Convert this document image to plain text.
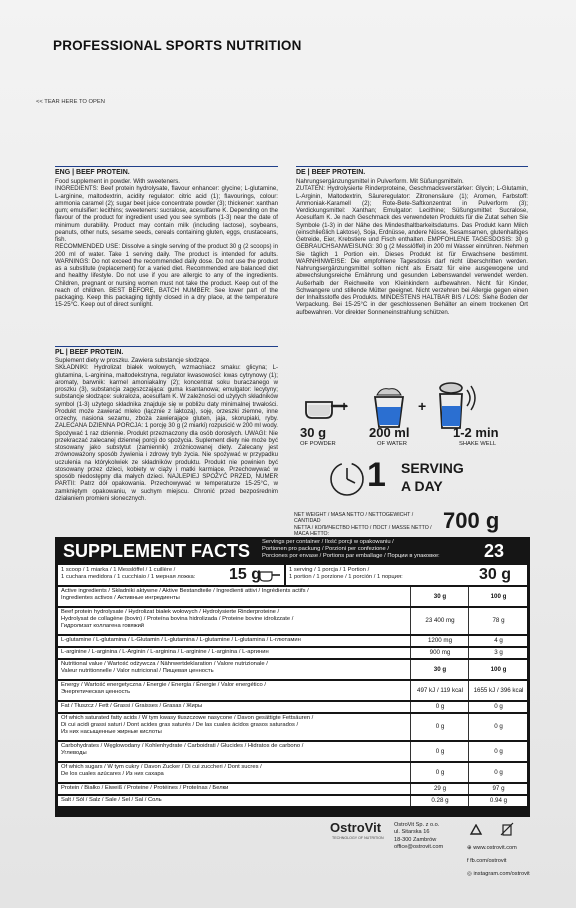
PROFESSIONAL SPORTS NUTRITION
<< TEAR HERE TO OPEN
ENG | BEEF PROTEIN.
Food supplement in powder. With sweeteners.
INGREDIENTS: Beef protein hydrolysate, flavour enhancer: glycine; L-glutamine, L-arginine, maltodextrin, acidity regulator: citric acid (1); flavourings, colour: ammonia caramel (2); sugar beet juice concentrate powder (3); thickener: xanthan gum; emulsifier: lecithins; sweeteners: sucralose, acesulfame K. Depending on the flavour of the product for ingredient used you see symbols (1-3) near the date of minimum durability. Product may contain milk (including lactose), soybeans, peanuts, other nuts, sesame seeds, cereals containing gluten, eggs, crustaceans, fish.
RECOMMENDED USE: Dissolve a single serving of the product 30 g (2 scoops) in 200 ml of water. Take 1 serving daily. The product is intended for adults. WARNINGS: Do not exceed the recommended daily dose. Do not use the product as a substitute (replacement) for a varied diet. Recommended are balanced diet and healthy lifestyle. Do not use if you are allergic to any of the ingredients. Children, pregnant or nursing women must not take the product. Keep out of the reach of children. BEST BEFORE, BATCH NUMBER: See lower part of the packaging. Keep this packaging tightly closed in a dry place, at the temperature 15-25°C. Keep out of direct sunlight.
PL | BEEF PROTEIN.
Suplement diety w proszku. Zawiera substancje słodzące.
SKŁADNIKI: Hydrolizat białek wołowych, wzmacniacz smaku: glicyna; L-glutamina, L-arginina, maltodekstryna, regulator kwasowości: kwas cytrynowy (1); aromaty, barwnik: karmel amoniakalny (2); koncentrat soku buraczanego w proszku (3), substancja zagęszczająca: guma ksantanowa; emulgator: lecytyny; substancje słodzące: sukraloza, acesulfam K. W zależności od użytych składników symbol (1-3) użytego składnika znajduje się w pobliżu daty minimalnej trwałości. Produkt może zawierać mleko (łącznie z laktozą), soję, orzeszki ziemne, inne orzechy, nasiona sezamu, zboża zawierające gluten, jaja, skorupiaki, ryby. ZALECANA DZIENNA PORCJA: 1 porcję 30 g (2 miarki) rozpuścić w 200 ml wody. Spożywać 1 raz dziennie. Produkt przeznaczony dla osób dorosłych. UWAGI: Nie przekraczać zalecanej dziennej porcji do spożycia. Suplement diety nie może być stosowany jako substytut (zamiennik) zróżnicowanej diety. Zalecany jest zrównoważony sposób żywienia i zdrowy tryb życia. Nie spożywać w przypadku uczulenia na którykolwiek ze składników produktu. Produkt nie powinien być stosowany przez dzieci, kobiety w ciąży i matki karmiące. Przechowywać w sposób niedostępny dla małych dzieci. NAJLEPIEJ SPOŻYĆ PRZED, NUMER PARTII: Patrz dół opakowania. Przechowywać w temperaturze 15-25°C, w zamkniętym opakowaniu, w suchym miejscu. Chronić przed bezpośrednim działaniem promieni słonecznych.
DE | BEEF PROTEIN.
Nahrungsergänzungsmittel in Pulverform. Mit Süßungsmitteln.
ZUTATEN: Hydrolysierte Rinderproteine, Geschmacksverstärker: Glycin; L-Glutamin, L-Arginin, Maltodextrin, Säureregulator: Zitronensäure (1); Aromen, Farbstoff: Ammoniak-Karamell (2); Rote-Bete-Saftkonzentrat in Pulverform (3); Verdickungsmittel: Xanthan; Emulgator: Lecithine; Süßungsmittel: Sucralose, Acesulfam K. Je nach Geschmack des verwendeten Produkts für die Zutat sehen Sie Symbole (1-3) in der Nähe des Mindesthaltbarkeitsdatums. Das Produkt kann Milch (einschließlich Laktose), Soja, Erdnüsse, andere Nüsse, Sesamsamen, glutenhaltiges Getreide, Eier, Krebstiere und Fisch enthalten. EMPFOHLENE TAGESDOSIS: 30 g GEBRAUCHSANWEISUNG: 30 g (2 Messlöffel) in 200 ml Wasser einrühren. Nehmen Sie täglich 1 Portion ein. Dieses Produkt ist für Erwachsene bestimmt. WARNHINWEISE: Die empfohlene Tagesdosis darf nicht überschritten werden. Nahrungsergänzungsmittel sollten nicht als Ersatz für eine ausgewogene und abwechslungsreiche Ernährung und gesunden Lebenswandel verwendet werden. Außerhalb der Reichweite von Kleinkindern aufbewahren. Nicht für Kinder, Schwangere und stillende Mütter geeignet. Nicht verzehren bei Allergie gegen einen der Inhaltsstoffe des Produkts. MINDESTENS HALTBAR BIS / LOS: Siehe Boden der Verpackung. Bei 15-25°C in der geschlossenen Behälter an einem trockenen Ort aufbewahren. Vor direkter Sonneneinstrahlung schützen.
+	+
30 g
OF POWDER
200 ml
OF WATER
1-2 min
SHAKE WELL
1 SERVING
A DAY
NET WEIGHT / MASA NETTO / NETTOGEWICHT / CANTIDAD
NETTA / КОЛИЧЕСТВО НЕТТО / ПОСТ / MASSE NETTO / MACA НЕТТО:
700 g
SUPPLEMENT FACTS Servings per container / Ilość porcji w opakowaniu /
Portionen pro packung / Porzioni per confezione /
Porciones por envase / Portions par emballage / Порции в упаковке:	23
1 scoop / 1 miarka / 1 Messlöffel / 1 cuillère /
1 cuchara medidora / 1 cucchiaio / 1 мерная ложка:	15 g	1 serving / 1 porcja / 1 Portion /
1 portion / 1 porzione / 1 porción / 1 порция:	30 g
Active ingredients / Składniki aktywne / Aktive Bestandteile / Ingredienti attivi / Ingrédients actifs /
Ingredientes activos / Активные ингредиенты	30 g	100 g
Beef protein hydrolysate / Hydrolizat białek wołowych / Hydrolysierte Rinderproteine /
Hydrolysat de collagène (bovin) / Proteína bovina hidrolizada / Proteine bovine idrolizzate /
Гидролизат коллагена говяжий
23 400 mg	78 g
L-glutamine / L-glutamina / L-Glutamin / L-glutamina / L-glutamine / L-glutamina / L-глютамин	1200 mg	4 g
L-arginine / L-arginina / L-Arginin / L-arginina / L-arginine / L-arginina / L-аргинин	900 mg	3 g
Nutritional value / Wartość odżywcza / Nährwertdeklaration / Valore nutrizionale /
Valeur nutritionnelle / Valor nutricional / Пищевая ценность	30 g	100 g
Energy / Wartość energetyczna / Energie / Energia / Énergie / Valor energético /
Энергетическая ценность	497 kJ / 119 kcal	1655 kJ / 396 kcal
Fat / Tłuszcz / Fett / Grassi / Graisses / Grasas / Жиры	0 g	0 g
Of which saturated fatty acids / W tym kwasy tłuszczowe nasycone / Davon gesättigte Fettsäuren /
Di cui acidi grassi saturi / Dont acides gras saturés / De las cuales ácidos grasos saturados /
Из них насыщенные жирные кислоты
0 g	0 g
Carbohydrates / Węglowodany / Kohlenhydrate / Carboidrati / Glucides / Hidratos de carbono /
Углеводы	0 g	0 g
Of which sugars / W tym cukry / Davon Zucker / Di cui zuccheri / Dont sucres /
De los cuales azúcares / Из них сахара	0 g	0 g
Protein / Białko / Eiweiß / Proteine / Protéines / Proteínas / Белки	29 g	97 g
Salt / Sól / Salz / Sale / Sel / Sal / Соль	0.28 g	0.94 g
OstroVit
TECHNOLOGY OF NUTRITION
OstroVit Sp. z o.o.
ul. Sitarska 16
18-300 Zambrów
office@ostrovit.com	⊕ www.ostrovit.com
f fb.com/ostrovit
◎ instagram.com/ostrovit
